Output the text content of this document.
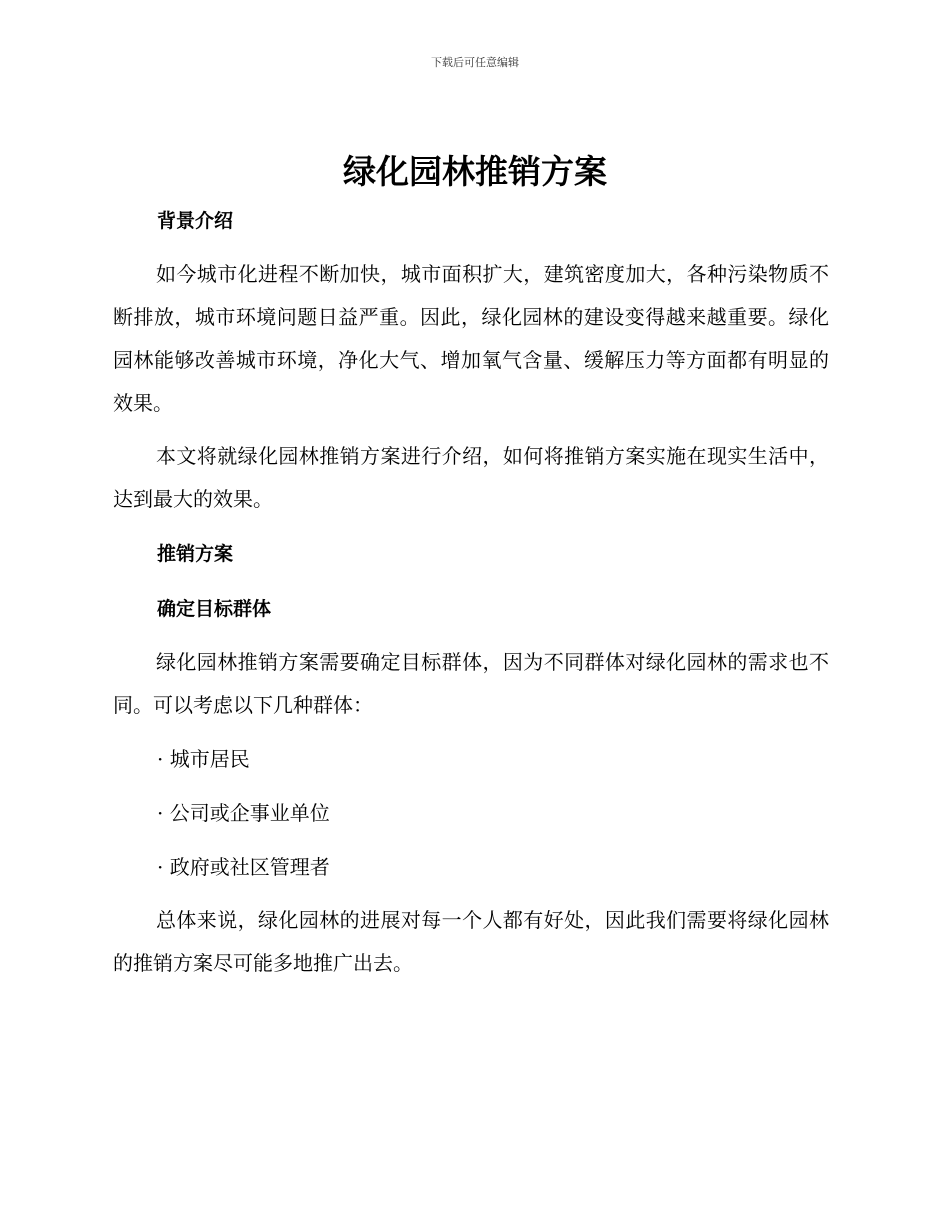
下载后可任意编辑
绿化园林推销方案
背景介绍

如今城市化进程不断加快，城市面积扩大，建筑密度加大，各种污染物质不断排放，城市环境问题日益严重。因此，绿化园林的建设变得越来越重要。绿化园林能够改善城市环境，净化大气、增加氧气含量、缓解压力等方面都有明显的效果。

本文将就绿化园林推销方案进行介绍，如何将推销方案实施在现实生活中，达到最大的效果。

推销方案
确定目标群体

绿化园林推销方案需要确定目标群体，因为不同群体对绿化园林的需求也不同。可以考虑以下几种群体：

· 城市居民
· 公司或企事业单位
· 政府或社区管理者

总体来说，绿化园林的进展对每一个人都有好处，因此我们需要将绿化园林的推销方案尽可能多地推广出去。
